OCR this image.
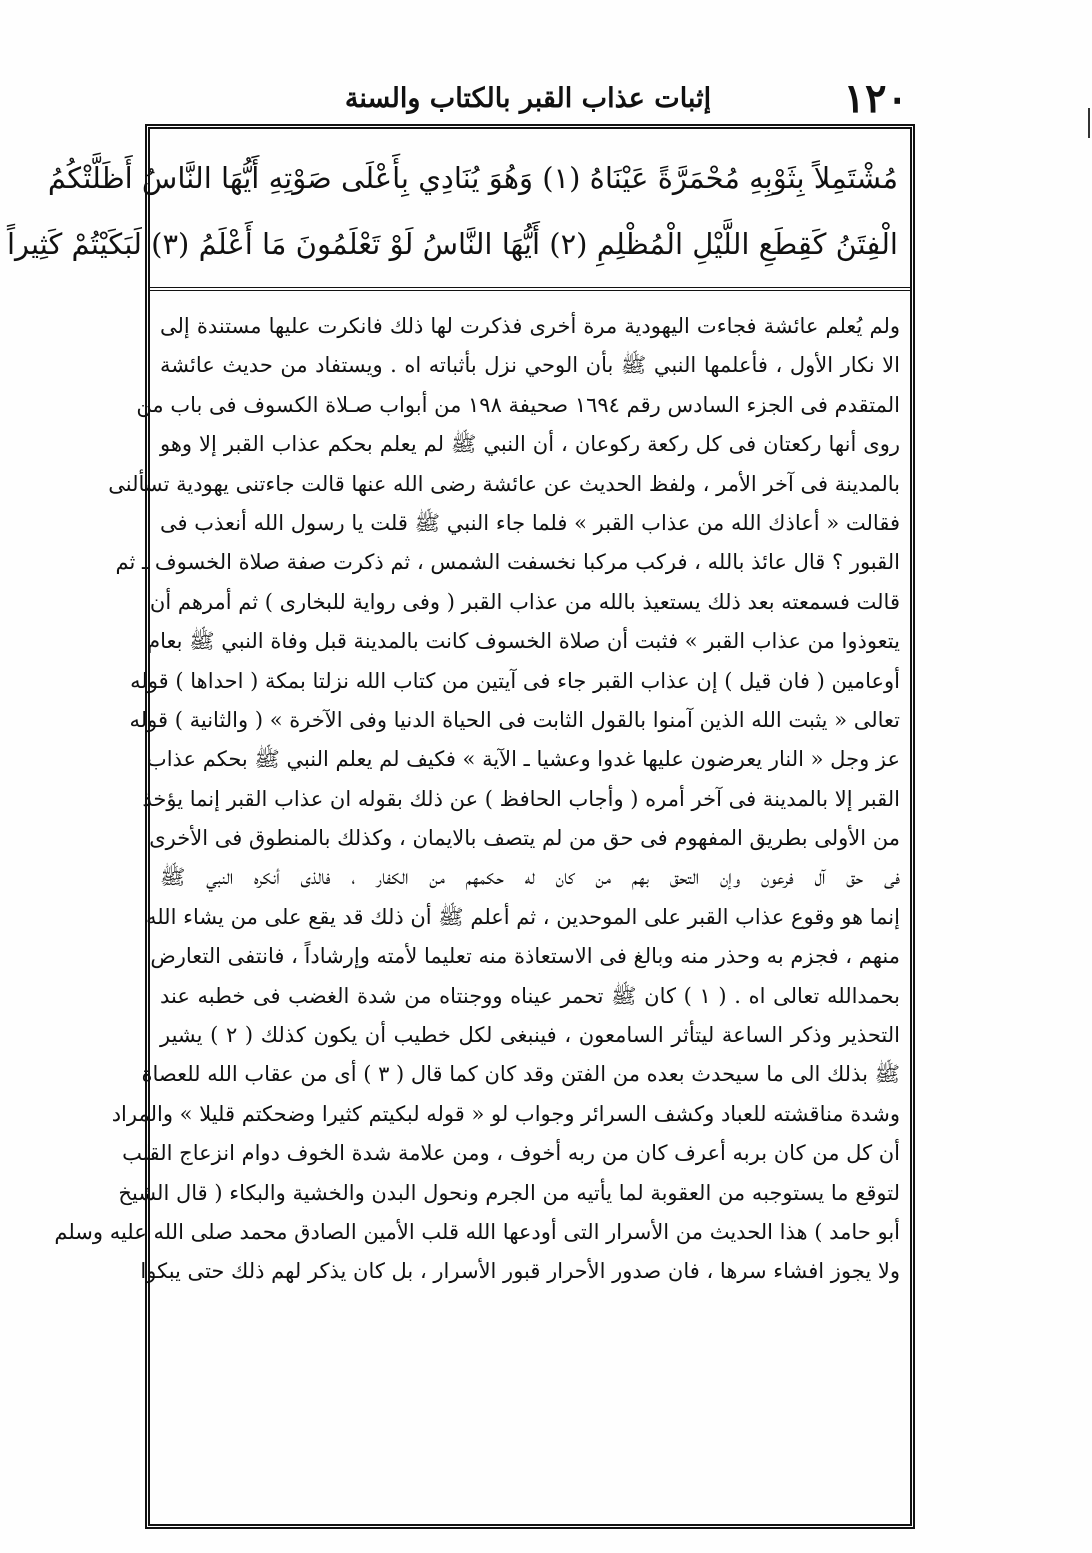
١٢٠
إثبات عذاب القبر بالكتاب والسنة
مُشْتَمِلاً بِثَوْبِهِ مُحْمَرَّةً عَيْنَاهُ (١) وَهُوَ يُنَادِي بِأَعْلَى صَوْتِهِ أَيُّهَا النَّاسُ أَظَلَّتْكُمُ
الْفِتَنُ كَقِطَعِ اللَّيْلِ الْمُظْلِمِ (٢) أَيُّهَا النَّاسُ لَوْ تَعْلَمُونَ مَا أَعْلَمُ (٣) لَبَكَيْتُمْ كَثِيراً
ولم يُعلم عائشة فجاءت اليهودية مرة أخرى فذكرت لها ذلك فانكرت عليها مستندة إلى
الا نكار الأول ، فأعلمها النبي ﷺ بأن الوحي نزل بأثباته اه . ويستفاد من حديث عائشة
المتقدم فى الجزء السادس رقم ١٦٩٤ صحيفة ١٩٨ من أبواب صـلاة الكسوف فى باب من
روى أنها ركعتان فى كل ركعة ركوعان ، أن النبي ﷺ لم يعلم بحكم عذاب القبر إلا وهو
بالمدينة فى آخر الأمر ، ولفظ الحديث عن عائشة رضى الله عنها قالت جاءتنى يهودية تسألنى
فقالت « أعاذك الله من عذاب القبر » فلما جاء النبي ﷺ قلت يا رسول الله أنعذب فى
القبور ؟ قال عائذ بالله ، فركب مركبا نخسفت الشمس ، ثم ذكرت صفة صلاة الخسوف ـ ثم
قالت فسمعته بعد ذلك يستعيذ بالله من عذاب القبر ( وفى رواية للبخارى ) ثم أمرهم أن
يتعوذوا من عذاب القبر » فثبت أن صلاة الخسوف كانت بالمدينة قبل وفاة النبي ﷺ بعام
أوعامين ( فان قيل ) إن عذاب القبر جاء فى آيتين من كتاب الله نزلتا بمكة ( احداها ) قوله
تعالى « يثبت الله الذين آمنوا بالقول الثابت فى الحياة الدنيا وفى الآخرة » ( والثانية ) قوله
عز وجل « النار يعرضون عليها غدوا وعشيا ـ الآية » فكيف لم يعلم النبي ﷺ بحكم عذاب
القبر إلا بالمدينة فى آخر أمره ( وأجاب الحافظ ) عن ذلك بقوله ان عذاب القبر إنما يؤخذ
من الأولى بطريق المفهوم فى حق من لم يتصف بالايمان ، وكذلك بالمنطوق فى الأخرى
فى حق آل فرعون وإن التحق بهم من كان له حكمهم من الكفار ، فالذى أنكره النبي ﷺ
إنما هو وقوع عذاب القبر على الموحدين ، ثم أعلم ﷺ أن ذلك قد يقع على من يشاء الله
منهم ، فجزم به وحذر منه وبالغ فى الاستعاذة منه تعليما لأمته وإرشاداً ، فانتفى التعارض
بحمدالله تعالى اه . ( ١ ) كان ﷺ تحمر عيناه ووجنتاه من شدة الغضب فى خطبه عند
التحذير وذكر الساعة ليتأثر السامعون ، فينبغى لكل خطيب أن يكون كذلك ( ٢ ) يشير
ﷺ بذلك الى ما سيحدث بعده من الفتن وقد كان كما قال ( ٣ ) أى من عقاب الله للعصاة
وشدة مناقشته للعباد وكشف السرائر وجواب لو « قوله لبكيتم كثيرا وضحكتم قليلا » والمراد
أن كل من كان بربه أعرف كان من ربه أخوف ، ومن علامة شدة الخوف دوام انزعاج القلب
لتوقع ما يستوجبه من العقوبة لما يأتيه من الجرم ونحول البدن والخشية والبكاء ( قال الشيخ
أبو حامد ) هذا الحديث من الأسرار التى أودعها الله قلب الأمين الصادق محمد صلى الله عليه وسلم
ولا يجوز افشاء سرها ، فان صدور الأحرار قبور الأسرار ، بل كان يذكر لهم ذلك حتى يبكوا
